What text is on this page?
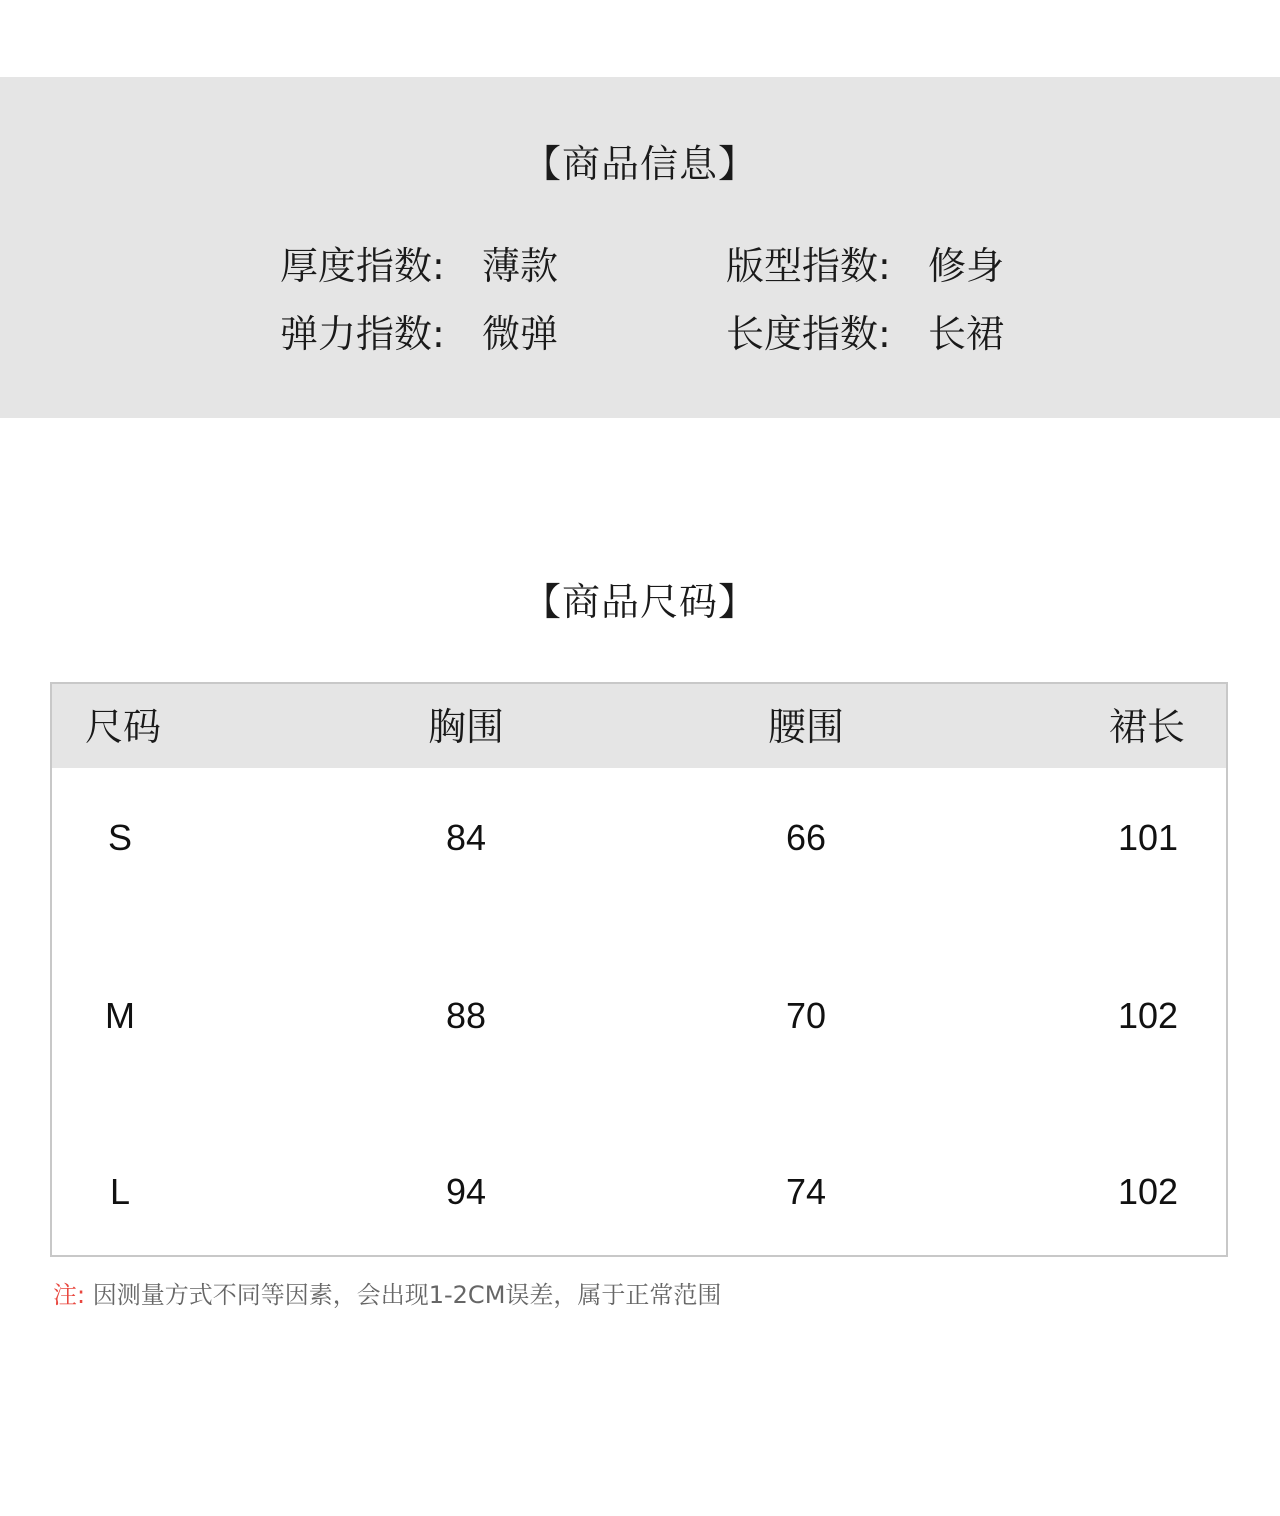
【商品信息】
厚度指数: 薄款	版型指数: 修身
弹力指数: 微弹	长度指数: 长裙
【商品尺码】
尺码	胸围	腰围	裙长
S	84	66	101
M	88	70	102
L	94	74	102
注: 因测量方式不同等因素，会出现1-2CM误差，属于正常范围
